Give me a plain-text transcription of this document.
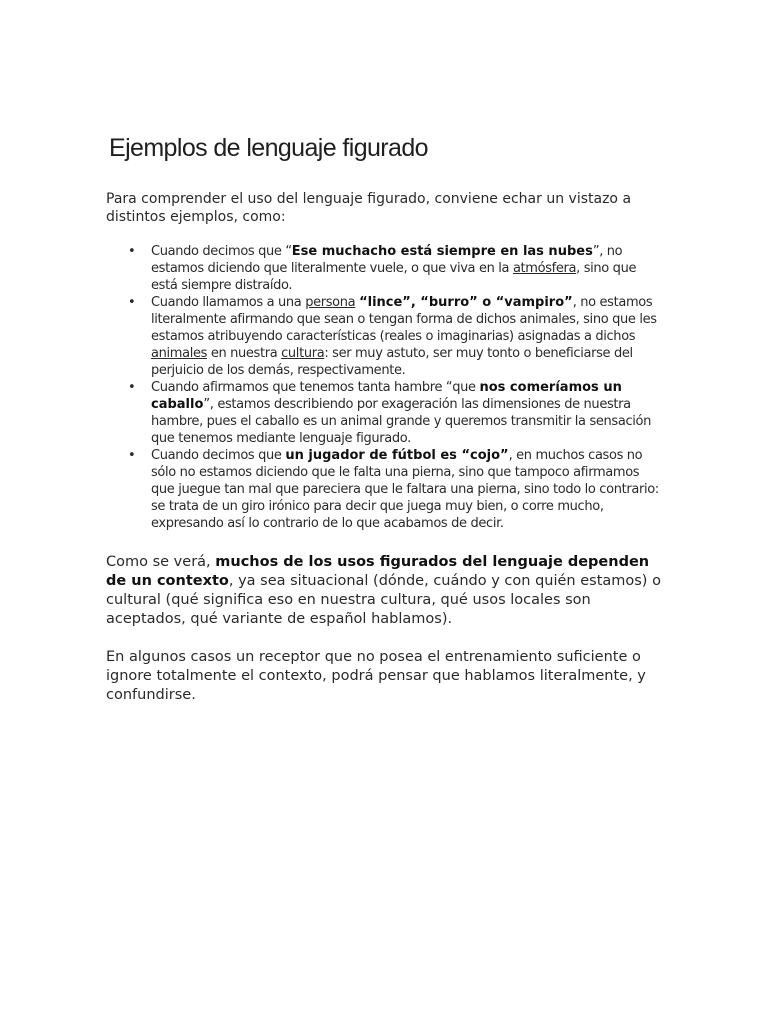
Ejemplos de lenguaje figurado

Para comprender el uso del lenguaje figurado, conviene echar un vistazo a distintos ejemplos, como:

• Cuando decimos que “Ese muchacho está siempre en las nubes”, no estamos diciendo que literalmente vuele, o que viva en la atmósfera, sino que está siempre distraído.
• Cuando llamamos a una persona “lince”, “burro” o “vampiro”, no estamos literalmente afirmando que sean o tengan forma de dichos animales, sino que les estamos atribuyendo características (reales o imaginarias) asignadas a dichos animales en nuestra cultura: ser muy astuto, ser muy tonto o beneficiarse del perjuicio de los demás, respectivamente.
• Cuando afirmamos que tenemos tanta hambre “que nos comeríamos un caballo”, estamos describiendo por exageración las dimensiones de nuestra hambre, pues el caballo es un animal grande y queremos transmitir la sensación que tenemos mediante lenguaje figurado.
• Cuando decimos que un jugador de fútbol es “cojo”, en muchos casos no sólo no estamos diciendo que le falta una pierna, sino que tampoco afirmamos que juegue tan mal que pareciera que le faltara una pierna, sino todo lo contrario: se trata de un giro irónico para decir que juega muy bien, o corre mucho, expresando así lo contrario de lo que acabamos de decir.

Como se verá, muchos de los usos figurados del lenguaje dependen de un contexto, ya sea situacional (dónde, cuándo y con quién estamos) o cultural (qué significa eso en nuestra cultura, qué usos locales son aceptados, qué variante de español hablamos).

En algunos casos un receptor que no posea el entrenamiento suficiente o ignore totalmente el contexto, podrá pensar que hablamos literalmente, y confundirse.
